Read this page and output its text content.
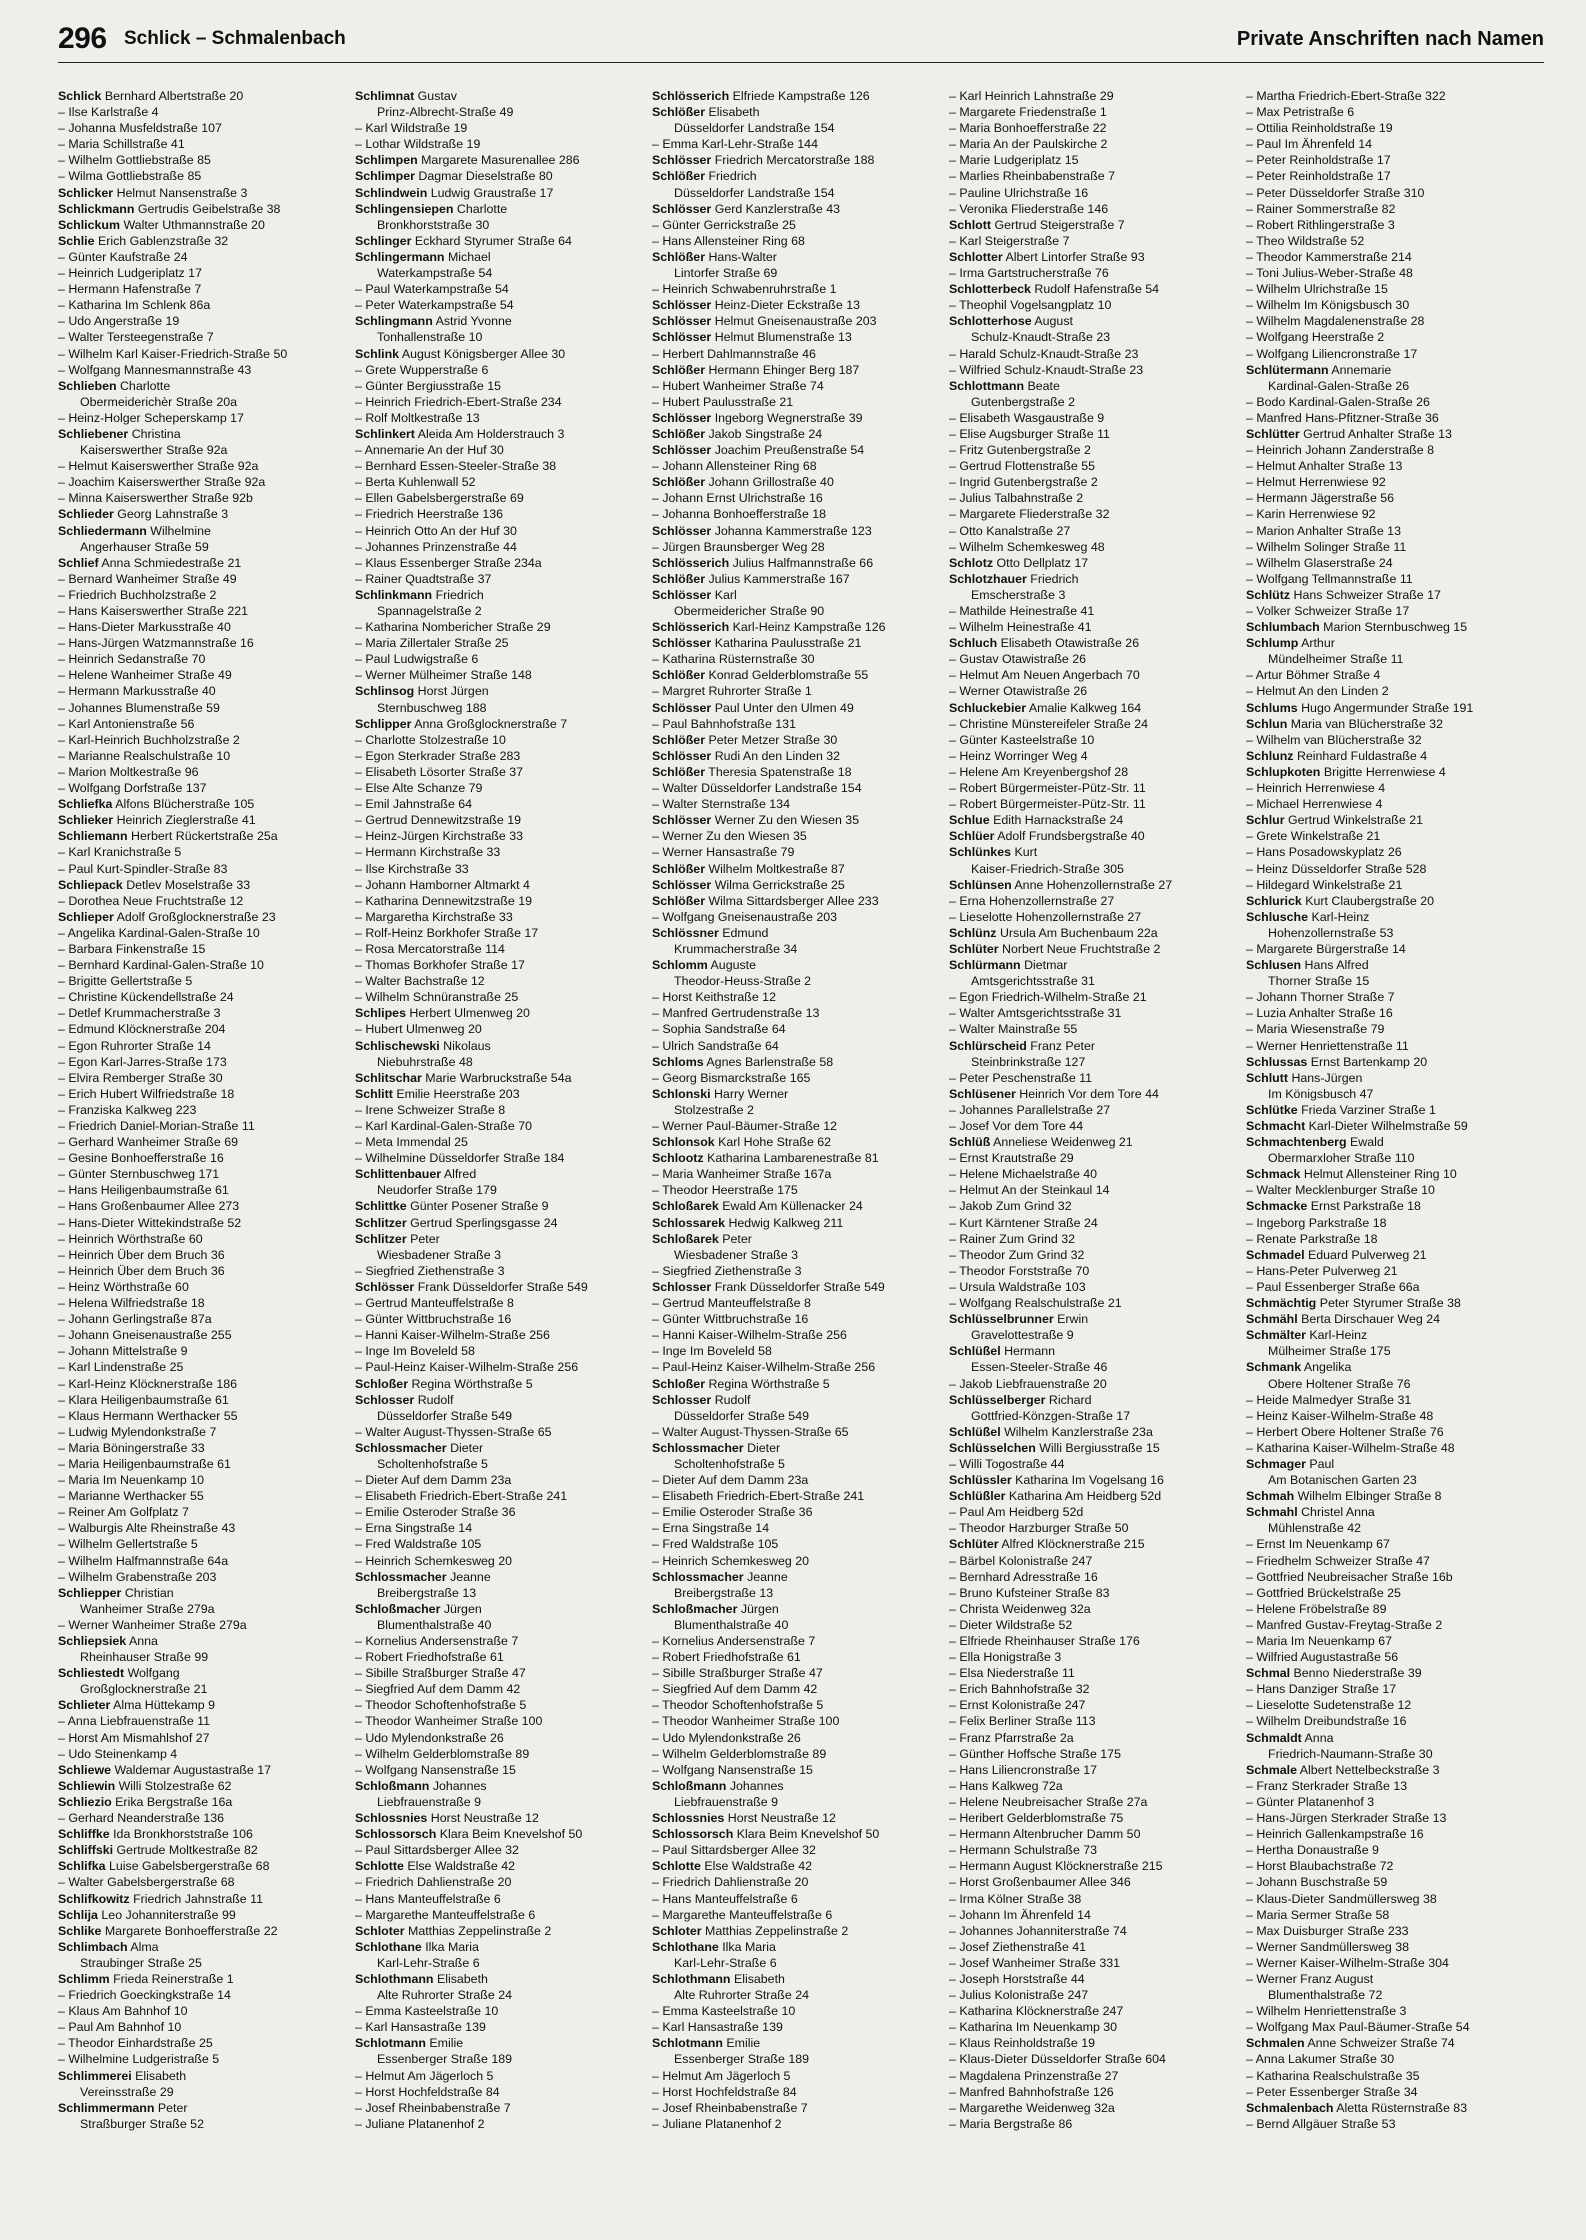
296 Schlick – Schmalenbach	Private Anschriften nach Namen
Schlick Bernhard Albertstraße 20
– Ilse Karlstraße 4
– Johanna Musfeldstraße 107
– Maria Schillstraße 41
– Wilhelm Gottliebstraße 85
– Wilma Gottliebstraße 85
Schlicker Helmut Nansenstraße 3
Schlickmann Gertrudis Geibelstraße 38
Schlickum Walter Uthmannstraße 20
Schlie Erich Gablenzstraße 32
– Günter Kaufstraße 24
– Heinrich Ludgeriplatz 17
– Hermann Hafenstraße 7
– Katharina Im Schlenk 86a
– Udo Angerstraße 19
– Walter Tersteegenstraße 7
– Wilhelm Karl Kaiser-Friedrich-Straße 50
– Wolfgang Mannesmannstraße 43
Schlieben Charlotte
Obermeiderichèr Straße 20a
– Heinz-Holger Scheperskamp 17
Schliebener Christina
Kaiserswerther Straße 92a
– Helmut Kaiserswerther Straße 92a
– Joachim Kaiserswerther Straße 92a
– Minna Kaiserswerther Straße 92b
Schlieder Georg Lahnstraße 3
Schliedermann Wilhelmine
Angerhauser Straße 59
Schlief Anna Schmiedestraße 21
– Bernard Wanheimer Straße 49
– Friedrich Buchholzstraße 2
– Hans Kaiserswerther Straße 221
– Hans-Dieter Markusstraße 40
– Hans-Jürgen Watzmannstraße 16
– Heinrich Sedanstraße 70
– Helene Wanheimer Straße 49
– Hermann Markusstraße 40
– Johannes Blumenstraße 59
– Karl Antonienstraße 56
– Karl-Heinrich Buchholzstraße 2
– Marianne Realschulstraße 10
– Marion Moltkestraße 96
– Wolfgang Dorfstraße 137
Schliefka Alfons Blücherstraße 105
Schlieker Heinrich Zieglerstraße 41
Schliemann Herbert Rückertstraße 25a
– Karl Kranichstraße 5
– Paul Kurt-Spindler-Straße 83
Schliepack Detlev Moselstraße 33
– Dorothea Neue Fruchtstraße 12
Schlieper Adolf Großglocknerstraße 23
– Angelika Kardinal-Galen-Straße 10
– Barbara Finkenstraße 15
– Bernhard Kardinal-Galen-Straße 10
– Brigitte Gellertstraße 5
– Christine Kückendellstraße 24
– Detlef Krummacherstraße 3
– Edmund Klöcknerstraße 204
– Egon Ruhrorter Straße 14
– Egon Karl-Jarres-Straße 173
– Elvira Remberger Straße 30
– Erich Hubert Wilfriedstraße 18
– Franziska Kalkweg 223
– Friedrich Daniel-Morian-Straße 11
– Gerhard Wanheimer Straße 69
– Gesine Bonhoefferstraße 16
– Günter Sternbuschweg 171
– Hans Heiligenbaumstraße 61
– Hans Großenbaumer Allee 273
– Hans-Dieter Wittekindstraße 52
– Heinrich Wörthstraße 60
– Heinrich Über dem Bruch 36
– Heinrich Über dem Bruch 36
– Heinz Wörthstraße 60
– Helena Wilfriedstraße 18
– Johann Gerlingstraße 87a
– Johann Gneisenaustraße 255
– Johann Mittelstraße 9
– Karl Lindenstraße 25
– Karl-Heinz Klöcknerstraße 186
– Klara Heiligenbaumstraße 61
– Klaus Hermann Werthacker 55
– Ludwig Mylendonkstraße 7
– Maria Böningerstraße 33
– Maria Heiligenbaumstraße 61
– Maria Im Neuenkamp 10
– Marianne Werthacker 55
– Reiner Am Golfplatz 7
– Walburgis Alte Rheinstraße 43
– Wilhelm Gellertstraße 5
– Wilhelm Halfmannstraße 64a
– Wilhelm Grabenstraße 203
Schliepper Christian
Wanheimer Straße 279a
– Werner Wanheimer Straße 279a
Schliepsiek Anna
Rheinhauser Straße 99
Schliestedt Wolfgang
Großglocknerstraße 21
Schlieter Alma Hüttekamp 9
– Anna Liebfrauenstraße 11
– Horst Am Mismahlshof 27
– Udo Steinenkamp 4
Schliewe Waldemar Augustastraße 17
Schliewin Willi Stolzestraße 62
Schliezio Erika Bergstraße 16a
– Gerhard Neanderstraße 136
Schliffke Ida Bronkhorststraße 106
Schliffski Gertrude Moltkestraße 82
Schlifka Luise Gabelsbergerstraße 68
– Walter Gabelsbergerstraße 68
Schlifkowitz Friedrich Jahnstraße 11
Schlija Leo Johanniterstraße 99
Schlike Margarete Bonhoefferstraße 22
Schlimbach Alma
Straubinger Straße 25
Schlimm Frieda Reinerstraße 1
– Friedrich Goeckingkstraße 14
– Klaus Am Bahnhof 10
– Paul Am Bahnhof 10
– Theodor Einhardstraße 25
– Wilhelmine Ludgeristraße 5
Schlimmerei Elisabeth
Vereinsstraße 29
Schlimmermann Peter
Straßburger Straße 52
Schlimnat Gustav
Prinz-Albrecht-Straße 49
– Karl Wildstraße 19
– Lothar Wildstraße 19
Schlimpen Margarete Masurenallee 286
Schlimper Dagmar Dieselstraße 80
Schlindwein Ludwig Graustraße 17
Schlingensiepen Charlotte
Bronkhorststraße 30
Schlinger Eckhard Styrumer Straße 64
Schlingermann Michael
Waterkampstraße 54
– Paul Waterkampstraße 54
– Peter Waterkampstraße 54
Schlingmann Astrid Yvonne
Tonhallenstraße 10
Schlink August Königsberger Allee 30
– Grete Wupperstraße 6
– Günter Bergiusstraße 15
– Heinrich Friedrich-Ebert-Straße 234
– Rolf Moltkestraße 13
Schlinkert Aleida Am Holderstrauch 3
– Annemarie An der Huf 30
– Bernhard Essen-Steeler-Straße 38
– Berta Kuhlenwall 52
– Ellen Gabelsbergerstraße 69
– Friedrich Heerstraße 136
– Heinrich Otto An der Huf 30
– Johannes Prinzenstraße 44
– Klaus Essenberger Straße 234a
– Rainer Quadtstraße 37
Schlinkmann Friedrich
Spannagelstraße 2
– Katharina Nombericher Straße 29
– Maria Zillertaler Straße 25
– Paul Ludwigstraße 6
– Werner Mülheimer Straße 148
Schlinsog Horst Jürgen
Sternbuschweg 188
Schlipper Anna Großglocknerstraße 7
– Charlotte Stolzestraße 10
– Egon Sterkrader Straße 283
– Elisabeth Lösorter Straße 37
– Else Alte Schanze 79
– Emil Jahnstraße 64
– Gertrud Dennewitzstraße 19
– Heinz-Jürgen Kirchstraße 33
– Hermann Kirchstraße 33
– Ilse Kirchstraße 33
– Johann Hamborner Altmarkt 4
– Katharina Dennewitzstraße 19
– Margaretha Kirchstraße 33
– Rolf-Heinz Borkhofer Straße 17
– Rosa Mercatorstraße 114
– Thomas Borkhofer Straße 17
– Walter Bachstraße 12
– Wilhelm Schnüranstraße 25
Schlipes Herbert Ulmenweg 20
– Hubert Ulmenweg 20
Schlischewski Nikolaus
Niebuhrstraße 48
Schlitschar Marie Warbruckstraße 54a
Schlitt Emilie Heerstraße 203
– Irene Schweizer Straße 8
– Karl Kardinal-Galen-Straße 70
– Meta Immendal 25
– Wilhelmine Düsseldorfer Straße 184
Schlittenbauer Alfred
Neudorfer Straße 179
Schlittke Günter Posener Straße 9
Schlitzer Gertrud Sperlingsgasse 24
Schlitzer Peter
Wiesbadener Straße 3
– Siegfried Ziethenstraße 3
Schlösser Frank Düsseldorfer Straße 549
– Gertrud Manteuffelstraße 8
– Günter Wittbruchstraße 16
– Hanni Kaiser-Wilhelm-Straße 256
– Inge Im Boveleld 58
– Paul-Heinz Kaiser-Wilhelm-Straße 256
Schloßer Regina Wörthstraße 5
Schlosser Rudolf
Düsseldorfer Straße 549
– Walter August-Thyssen-Straße 65
Schlossmacher Dieter
Scholtenhofstraße 5
– Dieter Auf dem Damm 23a
– Elisabeth Friedrich-Ebert-Straße 241
– Emilie Osteroder Straße 36
– Erna Singstraße 14
– Fred Waldstraße 105
– Heinrich Schemkesweg 20
Schlossmacher Jeanne
Breibergstraße 13
Schloßmacher Jürgen
Blumenthalstraße 40
– Kornelius Andersenstraße 7
– Robert Friedhofstraße 61
– Sibille Straßburger Straße 47
– Siegfried Auf dem Damm 42
– Theodor Schoftenhofstraße 5
– Theodor Wanheimer Straße 100
– Udo Mylendonkstraße 26
– Wilhelm Gelderblomstraße 89
– Wolfgang Nansenstraße 15
Schloßmann Johannes
Liebfrauenstraße 9
Schlossnies Horst Neustraße 12
Schlossorsch Klara Beim Knevelshof 50
– Paul Sittardsberger Allee 32
Schlotte Else Waldstraße 42
– Friedrich Dahlienstraße 20
– Hans Manteuffelstraße 6
– Margarethe Manteuffelstraße 6
Schloter Matthias Zeppelinstraße 2
Schlothane Ilka Maria
Karl-Lehr-Straße 6
Schlothmann Elisabeth
Alte Ruhrorter Straße 24
– Emma Kasteelstraße 10
– Karl Hansastraße 139
Schlotmann Emilie
Essenberger Straße 189
– Helmut Am Jägerloch 5
– Horst Hochfeldstraße 84
– Josef Rheinbabenstraße 7
– Juliane Platanenhof 2
Schlösserich Elfriede Kampstraße 126
Schlößer Elisabeth
Düsseldorfer Landstraße 154
– Emma Karl-Lehr-Straße 144
Schlösser Friedrich Mercatorstraße 188
Schlößer Friedrich
Düsseldorfer Landstraße 154
Schlösser Gerd Kanzlerstraße 43
– Günter Gerrickstraße 25
– Hans Allensteiner Ring 68
Schlößer Hans-Walter
Lintorfer Straße 69
– Heinrich Schwabenruhrstraße 1
Schlösser Heinz-Dieter Eckstraße 13
Schlösser Helmut Gneisenaustraße 203
Schlösser Helmut Blumenstraße 13
– Herbert Dahlmannstraße 46
Schlößer Hermann Ehinger Berg 187
– Hubert Wanheimer Straße 74
– Hubert Paulusstraße 21
Schlösser Ingeborg Wegnerstraße 39
Schlößer Jakob Singstraße 24
Schlösser Joachim Preußenstraße 54
– Johann Allensteiner Ring 68
Schlößer Johann Grillostraße 40
– Johann Ernst Ulrichstraße 16
– Johanna Bonhoefferstraße 18
Schlösser Johanna Kammerstraße 123
– Jürgen Braunsberger Weg 28
Schlösserich Julius Halfmannstraße 66
Schlößer Julius Kammerstraße 167
Schlösser Karl
Obermeidericher Straße 90
Schlösserich Karl-Heinz Kampstraße 126
Schlösser Katharina Paulusstraße 21
– Katharina Rüsternstraße 30
Schlößer Konrad Gelderblomstraße 55
– Margret Ruhrorter Straße 1
Schlösser Paul Unter den Ulmen 49
– Paul Bahnhofstraße 131
Schlößer Peter Metzer Straße 30
Schlösser Rudi An den Linden 32
Schlößer Theresia Spatenstraße 18
– Walter Düsseldorfer Landstraße 154
– Walter Sternstraße 134
Schlösser Werner Zu den Wiesen 35
– Werner Zu den Wiesen 35
– Werner Hansastraße 79
Schlößer Wilhelm Moltkestraße 87
Schlösser Wilma Gerrickstraße 25
Schlößer Wilma Sittardsberger Allee 233
– Wolfgang Gneisenaustraße 203
Schlössner Edmund
Krummacherstraße 34
Schlomm Auguste
Theodor-Heuss-Straße 2
– Horst Keithstraße 12
– Manfred Gertrudenstraße 13
– Sophia Sandstraße 64
– Ulrich Sandstraße 64
Schloms Agnes Barlenstraße 58
– Georg Bismarckstraße 165
Schlonski Harry Werner
Stolzestraße 2
– Werner Paul-Bäumer-Straße 12
Schlonsok Karl Hohe Straße 62
Schlootz Katharina Lambarenestraße 81
– Maria Wanheimer Straße 167a
– Theodor Heerstraße 175
Schloßarek Ewald Am Küllenacker 24
Schlossarek Hedwig Kalkweg 211
Schloßarek Peter
Wiesbadener Straße 3
– Siegfried Ziethenstraße 3
Schlosser Frank Düsseldorfer Straße 549
– Gertrud Manteuffelstraße 8
– Günter Wittbruchstraße 16
– Hanni Kaiser-Wilhelm-Straße 256
– Inge Im Boveleld 58
– Paul-Heinz Kaiser-Wilhelm-Straße 256
Schloßer Regina Wörthstraße 5
Schlosser Rudolf
Düsseldorfer Straße 549
– Walter August-Thyssen-Straße 65
Schlossmacher Dieter
Scholtenhofstraße 5
– Dieter Auf dem Damm 23a
– Elisabeth Friedrich-Ebert-Straße 241
– Emilie Osteroder Straße 36
– Erna Singstraße 14
– Fred Waldstraße 105
– Heinrich Schemkesweg 20
Schlossmacher Jeanne
Breibergstraße 13
Schloßmacher Jürgen
Blumenthalstraße 40
– Kornelius Andersenstraße 7
– Robert Friedhofstraße 61
– Sibille Straßburger Straße 47
– Siegfried Auf dem Damm 42
– Theodor Schoftenhofstraße 5
– Theodor Wanheimer Straße 100
– Udo Mylendonkstraße 26
– Wilhelm Gelderblomstraße 89
– Wolfgang Nansenstraße 15
Schloßmann Johannes
Liebfrauenstraße 9
Schlossnies Horst Neustraße 12
Schlossorsch Klara Beim Knevelshof 50
– Paul Sittardsberger Allee 32
Schlotte Else Waldstraße 42
– Friedrich Dahlienstraße 20
– Hans Manteuffelstraße 6
– Margarethe Manteuffelstraße 6
Schloter Matthias Zeppelinstraße 2
Schlothane Ilka Maria
Karl-Lehr-Straße 6
Schlothmann Elisabeth
Alte Ruhrorter Straße 24
– Emma Kasteelstraße 10
– Karl Hansastraße 139
Schlotmann Emilie
Essenberger Straße 189
– Helmut Am Jägerloch 5
– Horst Hochfeldstraße 84
– Josef Rheinbabenstraße 7
– Juliane Platanenhof 2
– Karl Heinrich Lahnstraße 29
– Margarete Friedenstraße 1
– Maria Bonhoefferstraße 22
– Maria An der Paulskirche 2
– Marie Ludgeriplatz 15
– Marlies Rheinbabenstraße 7
– Pauline Ulrichstraße 16
– Veronika Fliederstraße 146
Schlott Gertrud Steigerstraße 7
– Karl Steigerstraße 7
Schlotter Albert Lintorfer Straße 93
– Irma Gartstrucherstraße 76
Schlotterbeck Rudolf Hafenstraße 54
– Theophil Vogelsangplatz 10
Schlotterhose August
Schulz-Knaudt-Straße 23
– Harald Schulz-Knaudt-Straße 23
– Wilfried Schulz-Knaudt-Straße 23
Schlottmann Beate
Gutenbergstraße 2
– Elisabeth Wasgaustraße 9
– Elise Augsburger Straße 11
– Fritz Gutenbergstraße 2
– Gertrud Flottenstraße 55
– Ingrid Gutenbergstraße 2
– Julius Talbahnstraße 2
– Margarete Fliederstraße 32
– Otto Kanalstraße 27
– Wilhelm Schemkesweg 48
Schlotz Otto Dellplatz 17
Schlotzhauer Friedrich
Emscherstraße 3
– Mathilde Heinestraße 41
– Wilhelm Heinestraße 41
Schluch Elisabeth Otawistraße 26
– Gustav Otawistraße 26
– Helmut Am Neuen Angerbach 70
– Werner Otawistraße 26
Schluckebier Amalie Kalkweg 164
– Christine Münstereifeler Straße 24
– Günter Kasteelstraße 10
– Heinz Worringer Weg 4
– Helene Am Kreyenbergshof 28
– Robert Bürgermeister-Pütz-Str. 11
– Robert Bürgermeister-Pütz-Str. 11
Schlue Edith Harnackstraße 24
Schlüer Adolf Frundsbergstraße 40
Schlünkes Kurt
Kaiser-Friedrich-Straße 305
Schlünsen Anne Hohenzollernstraße 27
– Erna Hohenzollernstraße 27
– Lieselotte Hohenzollernstraße 27
Schlünz Ursula Am Buchenbaum 22a
Schlüter Norbert Neue Fruchtstraße 2
Schlürmann Dietmar
Amtsgerichtsstraße 31
– Egon Friedrich-Wilhelm-Straße 21
– Walter Amtsgerichtsstraße 31
– Walter Mainstraße 55
Schlürscheid Franz Peter
Steinbrinkstraße 127
– Peter Peschenstraße 11
Schlüsener Heinrich Vor dem Tore 44
– Johannes Parallelstraße 27
– Josef Vor dem Tore 44
Schlüß Anneliese Weidenweg 21
– Ernst Krautstraße 29
– Helene Michaelstraße 40
– Helmut An der Steinkaul 14
– Jakob Zum Grind 32
– Kurt Kärntener Straße 24
– Rainer Zum Grind 32
– Theodor Zum Grind 32
– Theodor Forststraße 70
– Ursula Waldstraße 103
– Wolfgang Realschulstraße 21
Schlüsselbrunner Erwin
Gravelottestraße 9
Schlüßel Hermann
Essen-Steeler-Straße 46
– Jakob Liebfrauenstraße 20
Schlüsselberger Richard
Gottfried-Könzgen-Straße 17
Schlüßel Wilhelm Kanzlerstraße 23a
Schlüsselchen Willi Bergiusstraße 15
– Willi Togostraße 44
Schlüssler Katharina Im Vogelsang 16
Schlüßler Katharina Am Heidberg 52d
– Paul Am Heidberg 52d
– Theodor Harzburger Straße 50
Schlüter Alfred Klöcknerstraße 215
– Bärbel Kolonistraße 247
– Bernhard Adresstraße 16
– Bruno Kufsteiner Straße 83
– Christa Weidenweg 32a
– Dieter Wildstraße 52
– Elfriede Rheinhauser Straße 176
– Ella Honigstraße 3
– Elsa Niederstraße 11
– Erich Bahnhofstraße 32
– Ernst Kolonistraße 247
– Felix Berliner Straße 113
– Franz Pfarrstraße 2a
– Günther Hoffsche Straße 175
– Hans Liliencronstraße 17
– Hans Kalkweg 72a
– Helene Neubreisacher Straße 27a
– Heribert Gelderblomstraße 75
– Hermann Altenbrucher Damm 50
– Hermann Schulstraße 73
– Hermann August Klöcknerstraße 215
– Horst Großenbaumer Allee 346
– Irma Kölner Straße 38
– Johann Im Ährenfeld 14
– Johannes Johanniterstraße 74
– Josef Ziethenstraße 41
– Josef Wanheimer Straße 331
– Joseph Horststraße 44
– Julius Kolonistraße 247
– Katharina Klöcknerstraße 247
– Katharina Im Neuenkamp 30
– Klaus Reinholdstraße 19
– Klaus-Dieter Düsseldorfer Straße 604
– Magdalena Prinzenstraße 27
– Manfred Bahnhofstraße 126
– Margarethe Weidenweg 32a
– Maria Bergstraße 86
– Martha Friedrich-Ebert-Straße 322
– Max Petristraße 6
– Ottilia Reinholdstraße 19
– Paul Im Ährenfeld 14
– Peter Reinholdstraße 17
– Peter Reinholdstraße 17
– Peter Düsseldorfer Straße 310
– Rainer Sommerstraße 82
– Robert Rithlingerstraße 3
– Theo Wildstraße 52
– Theodor Kammerstraße 214
– Toni Julius-Weber-Straße 48
– Wilhelm Ulrichstraße 15
– Wilhelm Im Königsbusch 30
– Wilhelm Magdalenenstraße 28
– Wolfgang Heerstraße 2
– Wolfgang Liliencronstraße 17
Schlütermann Annemarie
Kardinal-Galen-Straße 26
– Bodo Kardinal-Galen-Straße 26
– Manfred Hans-Pfitzner-Straße 36
Schlütter Gertrud Anhalter Straße 13
– Heinrich Johann Zanderstraße 8
– Helmut Anhalter Straße 13
– Helmut Herrenwiese 92
– Hermann Jägerstraße 56
– Karin Herrenwiese 92
– Marion Anhalter Straße 13
– Wilhelm Solinger Straße 11
– Wilhelm Glaserstraße 24
– Wolfgang Tellmannstraße 11
Schlütz Hans Schweizer Straße 17
– Volker Schweizer Straße 17
Schlumbach Marion Sternbuschweg 15
Schlump Arthur
Mündelheimer Straße 11
– Artur Böhmer Straße 4
– Helmut An den Linden 2
Schlums Hugo Angermunder Straße 191
Schlun Maria van Blücherstraße 32
– Wilhelm van Blücherstraße 32
Schlunz Reinhard Fuldastraße 4
Schlupkoten Brigitte Herrenwiese 4
– Heinrich Herrenwiese 4
– Michael Herrenwiese 4
Schlur Gertrud Winkelstraße 21
– Grete Winkelstraße 21
– Hans Posadowskyplatz 26
– Heinz Düsseldorfer Straße 528
– Hildegard Winkelstraße 21
Schlurick Kurt Claubergstraße 20
Schlusche Karl-Heinz
Hohenzollernstraße 53
– Margarete Bürgerstraße 14
Schlusen Hans Alfred
Thorner Straße 15
– Johann Thorner Straße 7
– Luzia Anhalter Straße 16
– Maria Wiesenstraße 79
– Werner Henriettenstraße 11
Schlussas Ernst Bartenkamp 20
Schlutt Hans-Jürgen
Im Königsbusch 47
Schlütke Frieda Varziner Straße 1
Schmacht Karl-Dieter Wilhelmstraße 59
Schmachtenberg Ewald
Obermarxloher Straße 110
Schmack Helmut Allensteiner Ring 10
– Walter Mecklenburger Straße 10
Schmacke Ernst Parkstraße 18
– Ingeborg Parkstraße 18
– Renate Parkstraße 18
Schmadel Eduard Pulverweg 21
– Hans-Peter Pulverweg 21
– Paul Essenberger Straße 66a
Schmächtig Peter Styrumer Straße 38
Schmähl Berta Dirschauer Weg 24
Schmälter Karl-Heinz
Mülheimer Straße 175
Schmank Angelika
Obere Holtener Straße 76
– Heide Malmedyer Straße 31
– Heinz Kaiser-Wilhelm-Straße 48
– Herbert Obere Holtener Straße 76
– Katharina Kaiser-Wilhelm-Straße 48
Schmager Paul
Am Botanischen Garten 23
Schmah Wilhelm Elbinger Straße 8
Schmahl Christel Anna
Mühlenstraße 42
– Ernst Im Neuenkamp 67
– Friedhelm Schweizer Straße 47
– Gottfried Neubreisacher Straße 16b
– Gottfried Brückelstraße 25
– Helene Fröbelstraße 89
– Manfred Gustav-Freytag-Straße 2
– Maria Im Neuenkamp 67
– Wilfried Augustastraße 56
Schmal Benno Niederstraße 39
– Hans Danziger Straße 17
– Lieselotte Sudetenstraße 12
– Wilhelm Dreibundstraße 16
Schmaldt Anna
Friedrich-Naumann-Straße 30
Schmale Albert Nettelbeckstraße 3
– Franz Sterkrader Straße 13
– Günter Platanenhof 3
– Hans-Jürgen Sterkrader Straße 13
– Heinrich Gallenkampstraße 16
– Hertha Donaustraße 9
– Horst Blaubachstraße 72
– Johann Buschstraße 59
– Klaus-Dieter Sandmüllersweg 38
– Maria Sermer Straße 58
– Max Duisburger Straße 233
– Werner Sandmüllersweg 38
– Werner Kaiser-Wilhelm-Straße 304
– Werner Franz August
Blumenthalstraße 72
– Wilhelm Henriettenstraße 3
– Wolfgang Max Paul-Bäumer-Straße 54
Schmalen Anne Schweizer Straße 74
– Anna Lakumer Straße 30
– Katharina Realschulstraße 35
– Peter Essenberger Straße 34
Schmalenbach Aletta Rüsternstraße 83
– Bernd Allgäuer Straße 53
